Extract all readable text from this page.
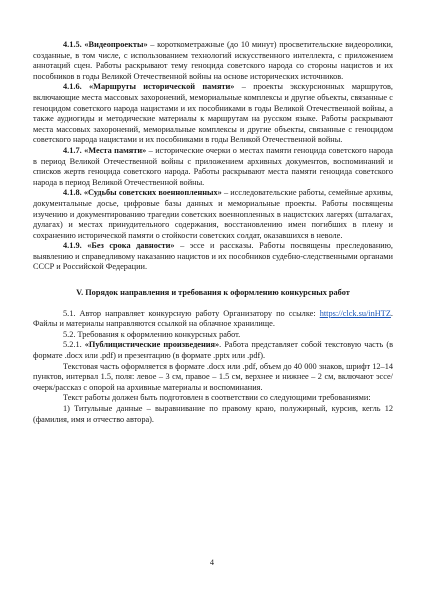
4.1.5. «Видеопроекты» – короткометражные (до 10 минут) просветительские видеоролики, созданные, в том числе, с использованием технологий искусственного интеллекта, с приложением аннотаций сцен. Работы раскрывают тему геноцида советского народа со стороны нацистов и их пособников в годы Великой Отечественной войны на основе исторических источников.

4.1.6. «Маршруты исторической памяти» – проекты экскурсионных маршрутов, включающие места массовых захоронений, мемориальные комплексы и другие объекты, связанные с геноцидом советского народа нацистами и их пособниками в годы Великой Отечественной войны, а также аудиогиды и методические материалы к маршрутам на русском языке. Работы раскрывают места массовых захоронений, мемориальные комплексы и другие объекты, связанные с геноцидом советского народа нацистами и их пособниками в годы Великой Отечественной войны.

4.1.7. «Места памяти» – исторические очерки о местах памяти геноцида советского народа в период Великой Отечественной войны с приложением архивных документов, воспоминаний и списков жертв геноцида советского народа. Работы раскрывают места памяти геноцида советского народа в период Великой Отечественной войны.

4.1.8. «Судьбы советских военнопленных» – исследовательские работы, семейные архивы, документальные досье, цифровые базы данных и мемориальные проекты. Работы посвящены изучению и документированию трагедии советских военнопленных в нацистских лагерях (шталагах, дулагах) и местах принудительного содержания, восстановлению имен погибших в плену и сохранению исторической памяти о стойкости советских солдат, оказавшихся в неволе.

4.1.9. «Без срока давности» – эссе и рассказы. Работы посвящены преследованию, выявлению и справедливому наказанию нацистов и их пособников судебно-следственными органами СССР и Российской Федерации.

V. Порядок направления и требования к оформлению конкурсных работ

5.1. Автор направляет конкурсную работу Организатору по ссылке: https://clck.su/inHTZ. Файлы и материалы направляются ссылкой на облачное хранилище.

5.2. Требования к оформлению конкурсных работ.

5.2.1. «Публицистические произведения». Работа представляет собой текстовую часть (в формате .docx или .pdf) и презентацию (в формате .pptx или .pdf).

Текстовая часть оформляется в формате .docx или .pdf, объем до 40 000 знаков, шрифт 12–14 пунктов, интервал 1.5, поля: левое – 3 см, правое – 1.5 см, верхнее и нижнее – 2 см, включают эссе/очерк/рассказ с опорой на архивные материалы и воспоминания.

Текст работы должен быть подготовлен в соответствии со следующими требованиями:

1) Титульные данные – выравнивание по правому краю, полужирный, курсив, кегль 12 (фамилия, имя и отчество автора).

4
